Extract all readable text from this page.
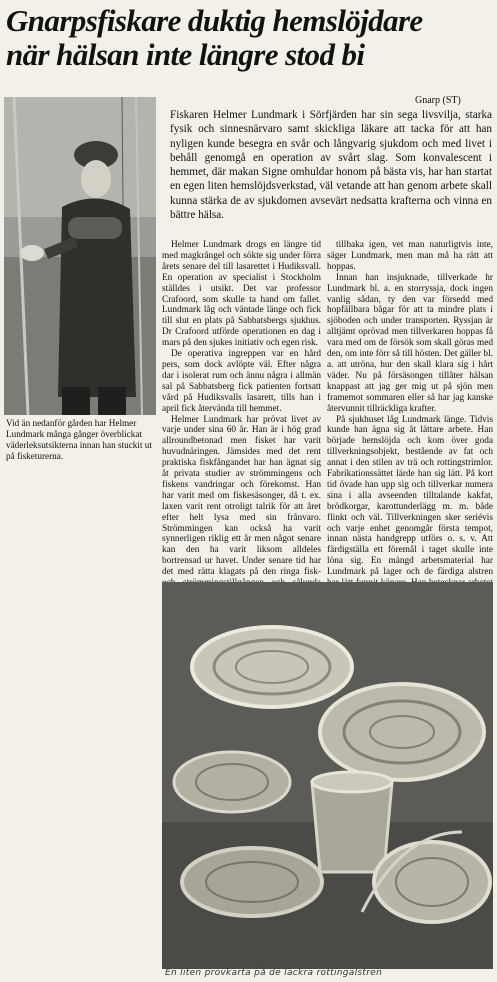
Gnarpsfiskare duktig hemslöjdare
när hälsan inte längre stod bi
Vid än nedanför gården har Helmer Lundmark många gånger överblickat väderleksutsikterna innan han stuckit ut på fisketurerna.
Gnarp (ST)
Fiskaren Helmer Lundmark i Sörfjärden har sin sega livsvilja, starka fysik och sinnesnärvaro samt skickliga läkare att tacka för att han nyligen kunde besegra en svår och långvarig sjukdom och med livet i behåll genomgå en operation av svårt slag. Som konvalescent i hemmet, där makan Signe omhuldar honom på bästa vis, har han startat en egen liten hemslöjdsverkstad, väl vetande att han genom arbete skall kunna stärka de av sjukdomen avsevärt nedsatta krafterna och vinna en bättre hälsa.

Helmer Lundmark drogs en längre tid med magkrångel och sökte sig under förra årets senare del till lasarettet i Hudiksvall. En operation av specialist i Stockholm ställdes i utsikt. Det var professor Crafoord, som skulle ta hand om fallet. Lundmark låg och väntade länge och fick till slut en plats på Sabbatsbergs sjukhus. Dr Crafoord utförde operationen en dag i mars på den sjukes initiativ och egen risk.

De operativa ingreppen var en hård pers, som dock avlöpte väl. Efter några dar i isolerat rum och ännu några i allmän sal på Sabbatsberg fick patienten fortsatt vård på Hudiksvalls lasarett, tills han i april fick återvända till hemmet.

Helmer Lundmark har prövat livet av varje under sina 60 år. Han är i hög grad allroundbetonad men fisket har varit huvudnäringen. Jämsides med det rent praktiska fiskfångandet har han ägnat sig åt privata studier av strömmingens och fiskens vandringar och förekomst. Han har varit med om fiskesäsonger, då t. ex. laxen varit rent otroligt talrik för att året efter helt lysa med sin frånvaro. Strömmingen kan också ha varit synnerligen riklig ett år men något senare kan den ha varit liksom alldeles bortrensad ur havet. Under senare tid har det med rätta klagats på den ringa fisk-

tillbaka igen, vet man naturligtvis inte, säger Lundmark, men man må ha rätt att hoppas.

Innan han insjuknade, tillverkade hr Lundmark bl. a. en storryssja, dock ingen vanlig sådan, ty den var försedd med hopfällbara bågar för att ta mindre plats i sjöboden och under transporten. Ryssjan är alltjämt oprövad men tillverkaren hoppas få vara med om de försök som skall göras med den, om inte förr så till hösten. Det gäller bl. a. att utröna, hur den skall klara sig i hårt väder. Nu på försäsongen tillåter hälsan knappast att jag ger mig ut på sjön men framemot sommaren eller så har jag kanske återvunnit tillräckliga krafter.

På sjukhuset låg Lundmark länge. Tidvis kunde han ägna sig åt lättare arbete. Han började hemslöjda och kom över goda tillverkningsobjekt, bestående av fat och annat i den stilen av trä och rottingstrimlor. Fabrikationssättet lärde han sig lätt. På kort tid övade han upp sig och tillverkar numera sina i alla avseenden tilltalande kakfat, brödkorgar, karottunderlägg m. m. både flinkt och väl. Tillverkningen sker seriévis och varje enhet genomgår första tempot, innan nästa handgrepp utförs o. s. v. Att färdigställa ett föremål i taget skulle inte löna sig. En mängd arbetsmaterial har Lundmark på lager och de färdiga alstren

En liten provkarta på de läckra rottingalstren
